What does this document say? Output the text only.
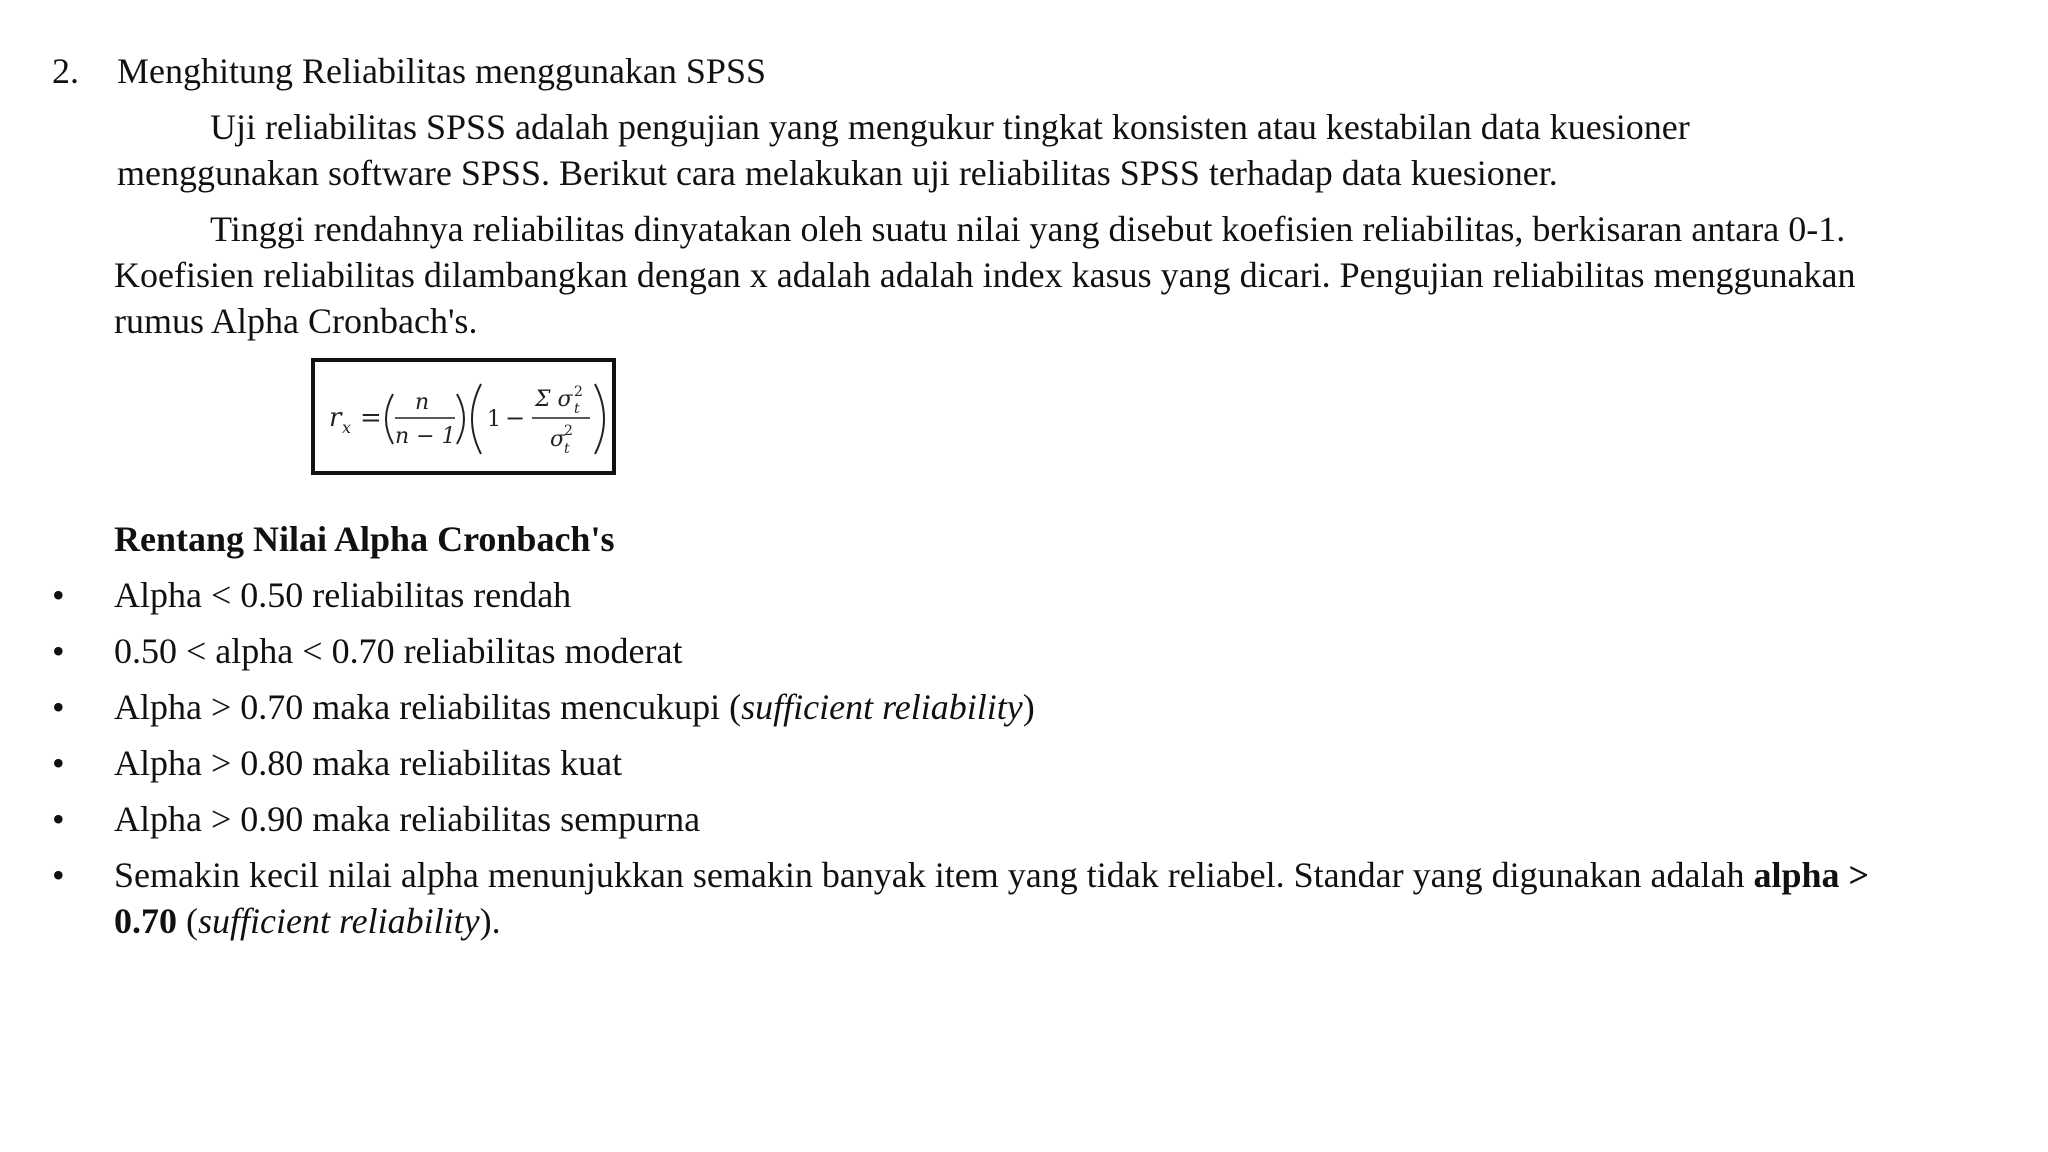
2. Menghitung Reliabilitas menggunakan SPSS
Uji reliabilitas SPSS adalah pengujian yang mengukur tingkat konsisten atau kestabilan data kuesioner
menggunakan software SPSS. Berikut cara melakukan uji reliabilitas SPSS terhadap data kuesioner.
Tinggi rendahnya reliabilitas dinyatakan oleh suatu nilai yang disebut koefisien reliabilitas, berkisaran antara 0-1.
Koefisien reliabilitas dilambangkan dengan x adalah adalah index kasus yang dicari. Pengujian reliabilitas menggunakan
rumus Alpha Cronbach's.
r x =
n
n − 1
1 −
Σ σ 2
t
σ
2
t
Rentang Nilai Alpha Cronbach's
• Alpha < 0.50 reliabilitas rendah
• 0.50 < alpha < 0.70 reliabilitas moderat
• Alpha > 0.70 maka reliabilitas mencukupi (sufficient reliability)
• Alpha > 0.80 maka reliabilitas kuat
• Alpha > 0.90 maka reliabilitas sempurna
• Semakin kecil nilai alpha menunjukkan semakin banyak item yang tidak reliabel. Standar yang digunakan adalah alpha >
0.70 (sufficient reliability).
